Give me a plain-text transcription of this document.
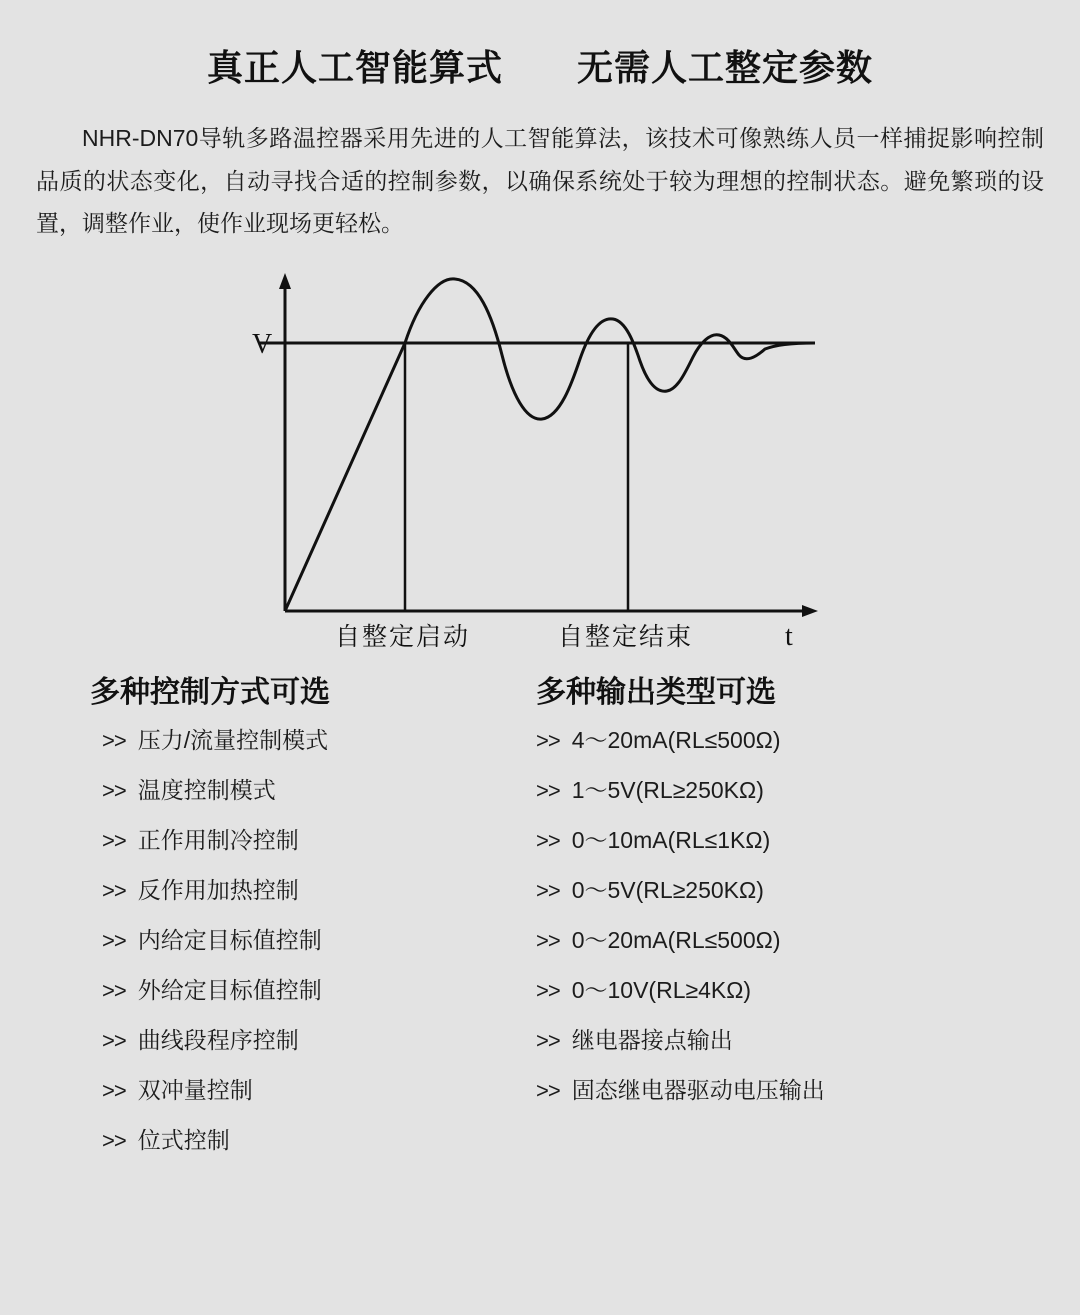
真正人工智能算式　　无需人工整定参数
NHR-DN70导轨多路温控器采用先进的人工智能算法，该技术可像熟练人员一样捕捉影响控制品质的状态变化，自动寻找合适的控制参数，以确保系统处于较为理想的控制状态。避免繁琐的设置，调整作业，使作业现场更轻松。
V
t
自整定启动	自整定结束
多种控制方式可选
>> 压力/流量控制模式
>> 温度控制模式
>> 正作用制冷控制
>> 反作用加热控制
>> 内给定目标值控制
>> 外给定目标值控制
>> 曲线段程序控制
>> 双冲量控制
>> 位式控制
多种输出类型可选
>> 4～20mA(RL≤500Ω)
>> 1～5V(RL≥250KΩ)
>> 0～10mA(RL≤1KΩ)
>> 0～5V(RL≥250KΩ)
>> 0～20mA(RL≤500Ω)
>> 0～10V(RL≥4KΩ)
>> 继电器接点输出
>> 固态继电器驱动电压输出
